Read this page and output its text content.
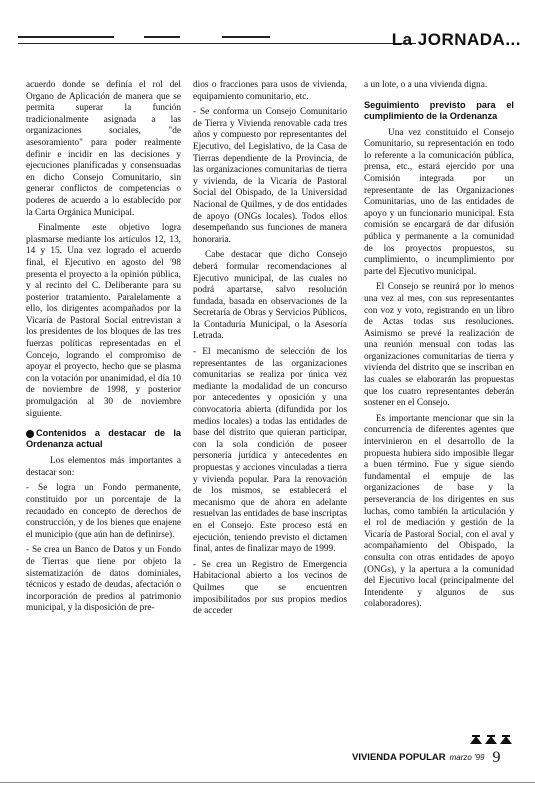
La JORNADA...

acuerdo donde se definía el rol del Organo de Aplicación de manera que se permita superar la función tradicionalmente asignada a las organizaciones sociales, "de asesoramiento" para poder realmente definir e incidir en las decisiones y ejecuciones planificadas y consensuadas en dicho Consejo Comunitario, sin generar conflictos de competencias o poderes de acuerdo a lo establecido por la Carta Orgánica Municipal.

Finalmente este objetivo logra plasmarse mediante los artículos 12, 13, 14 y 15. Una vez logrado el acuerdo final, el Ejecutivo en agosto del '98 presenta el proyecto a la opinión pública, y al recinto del C. Deliberante para su posterior tratamiento. Paralelamente a ello, los dirigentes acompañados por la Vicaría de Pastoral Social entrevistan a los presidentes de los bloques de las tres fuerzas políticas representadas en el Concejo, logrando el compromiso de apoyar el proyecto, hecho que se plasma con la votación por unanimidad, el día 10 de noviembre de 1998, y posterior promulgación al 30 de noviembre siguiente.

Contenidos a destacar de la Ordenanza actual

Los elementos más importantes a destacar son:

- Se logra un Fondo permanente, constituido por un porcentaje de la recaudado en concepto de derechos de construcción, y de los bienes que enajene el municipio (que aún han de definirse).

- Se crea un Banco de Datos y un Fondo de Tierras que tiene por objeto la sistematización de datos dominiales, técnicos y estado de deudas, afectación o incorporación de predios al patrimonio municipal, y la disposición de pre-

dios o fracciones para usos de vivienda, equipamiento comunitario, etc.

- Se conforma un Consejo Comunitario de Tierra y Vivienda renovable cada tres años y compuesto por representantes del Ejecutivo, del Legislativo, de la Casa de Tierras dependiente de la Provincia, de las organizaciones comunitarias de tierra y vivienda, de la Vicaría de Pastoral Social del Obispado, de la Universidad Nacional de Quilmes, y de dos entidades de apoyo (ONGs locales). Todos ellos desempeñando sus funciones de manera honoraria.

Cabe destacar que dicho Consejo deberá formular recomendaciones al Ejecutivo municipal, de las cuales no podrá apartarse, salvo resolución fundada, basada en observaciones de la Secretaría de Obras y Servicios Públicos, la Contaduría Municipal, o la Asesoría Letrada.

- El mecanismo de selección de los representantes de las organizaciones comunitarias se realiza por única vez mediante la modalidad de un concurso por antecedentes y oposición y una convocatoria abierta (difundida por los medios locales) a todas las entidades de base del distrito que quieran participar, con la sola condición de poseer personería jurídica y antecedentes en propuestas y acciones vinculadas a tierra y vivienda popular. Para la renovación de los mismos, se establecerá el mecanismo que de ahora en adelante resuelvan las entidades de base inscriptas en el Consejo. Este proceso está en ejecución, teniendo previsto el dictamen final, antes de finalizar mayo de 1999.

- Se crea un Registro de Emergencia Habitacional abierto a los vecinos de Quilmes que se encuentren imposibilitados por sus propios medios de acceder

a un lote, o a una vivienda digna.

Seguimiento previsto para el cumplimiento de la Ordenanza

Una vez constituido el Consejo Comunitario, su representación en todo lo referente a la comunicación pública, prensa, etc., estará ejercido por una Comisión integrada por un representante de las Organizaciones Comunitarias, uno de las entidades de apoyo y un funcionario municipal. Esta comisión se encargará de dar difusión pública y permanente a la comunidad de los proyectos propuestos, su cumplimiento, o incumplimiento por parte del Ejecutivo municipal.

El Consejo se reunirá por lo menos una vez al mes, con sus representantes con voz y voto, registrando en un libro de Actas todas sus resoluciones. Asimismo se prevé la realización de una reunión mensual con todas las organizaciones comunitarias de tierra y vivienda del distrito que se inscriban en las cuales se elaborarán las propuestas que los cuatro representantes deberán sostener en el Consejo.

Es importante mencionar que sin la concurrencia de diferentes agentes que intervinieron en el desarrollo de la propuesta hubiera sido imposible llegar a buen término. Fue y sigue siendo fundamental el empuje de las organizaciones de base y la perseverancia de los dirigentes en sus luchas, como también la articulación y el rol de mediación y gestión de la Vicaría de Pastoral Social, con el aval y acompañamiento del Obispado, la consulta con otras entidades de apoyo (ONGs), y la apertura a la comunidad del Ejecutivo local (principalmente del Intendente y algunos de sus colaboradores).

VIVIENDA POPULAR marzo '99 9
